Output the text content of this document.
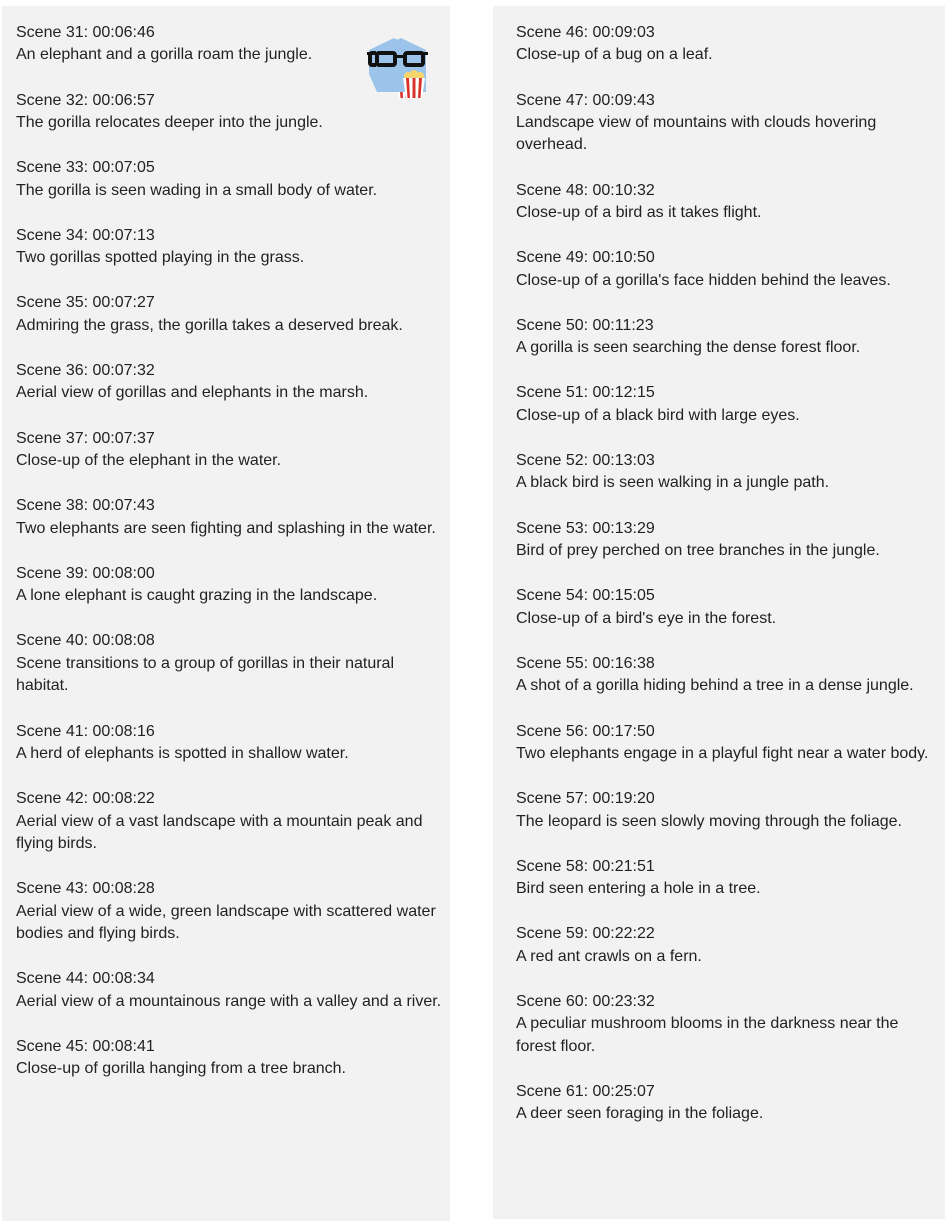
Scene 31: 00:06:46
An elephant and a gorilla roam the jungle.
Scene 32: 00:06:57
The gorilla relocates deeper into the jungle.
Scene 33: 00:07:05
The gorilla is seen wading in a small body of water.
Scene 34: 00:07:13
Two gorillas spotted playing in the grass.
Scene 35: 00:07:27
Admiring the grass, the gorilla takes a deserved break.
Scene 36: 00:07:32
Aerial view of gorillas and elephants in the marsh.
Scene 37: 00:07:37
Close-up of the elephant in the water.
Scene 38: 00:07:43
Two elephants are seen fighting and splashing in the water.
Scene 39: 00:08:00
A lone elephant is caught grazing in the landscape.
Scene 40: 00:08:08
Scene transitions to a group of gorillas in their natural habitat.
Scene 41: 00:08:16
A herd of elephants is spotted in shallow water.
Scene 42: 00:08:22
Aerial view of a vast landscape with a mountain peak and flying birds.
Scene 43: 00:08:28
Aerial view of a wide, green landscape with scattered water bodies and flying birds.
Scene 44: 00:08:34
Aerial view of a mountainous range with a valley and a river.
Scene 45: 00:08:41
Close-up of gorilla hanging from a tree branch.
Scene 46: 00:09:03
Close-up of a bug on a leaf.
Scene 47: 00:09:43
Landscape view of mountains with clouds hovering overhead.
Scene 48: 00:10:32
Close-up of a bird as it takes flight.
Scene 49: 00:10:50
Close-up of a gorilla's face hidden behind the leaves.
Scene 50: 00:11:23
A gorilla is seen searching the dense forest floor.
Scene 51: 00:12:15
Close-up of a black bird with large eyes.
Scene 52: 00:13:03
A black bird is seen walking in a jungle path.
Scene 53: 00:13:29
Bird of prey perched on tree branches in the jungle.
Scene 54: 00:15:05
Close-up of a bird's eye in the forest.
Scene 55: 00:16:38
A shot of a gorilla hiding behind a tree in a dense jungle.
Scene 56: 00:17:50
Two elephants engage in a playful fight near a water body.
Scene 57: 00:19:20
The leopard is seen slowly moving through the foliage.
Scene 58: 00:21:51
Bird seen entering a hole in a tree.
Scene 59: 00:22:22
A red ant crawls on a fern.
Scene 60: 00:23:32
A peculiar mushroom blooms in the darkness near the forest floor.
Scene 61: 00:25:07
A deer seen foraging in the foliage.
